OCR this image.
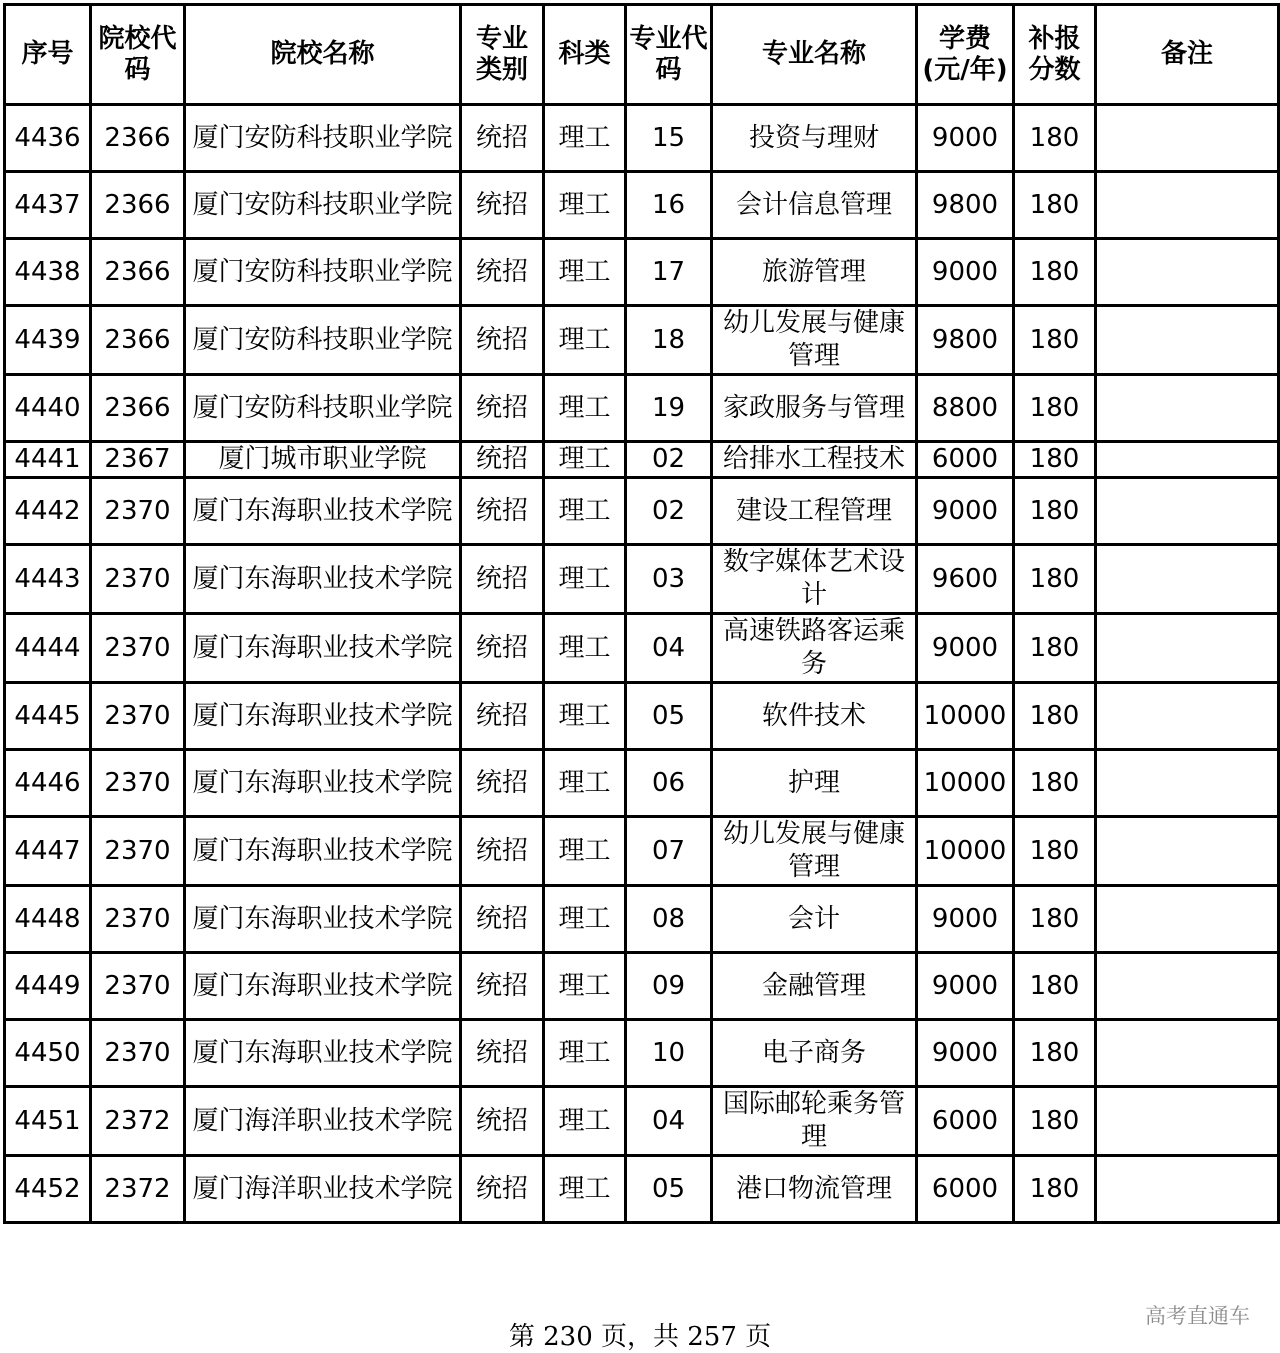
序号	院校代码	院校名称	专业类别	科类	专业代码	专业名称	学费(元/年)	补报分数	备注
4436	2366	厦门安防科技职业学院	统招	理工	15	投资与理财	9000	180	
4437	2366	厦门安防科技职业学院	统招	理工	16	会计信息管理	9800	180	
4438	2366	厦门安防科技职业学院	统招	理工	17	旅游管理	9000	180	
4439	2366	厦门安防科技职业学院	统招	理工	18	幼儿发展与健康管理	9800	180	
4440	2366	厦门安防科技职业学院	统招	理工	19	家政服务与管理	8800	180	
4441	2367	厦门城市职业学院	统招	理工	02	给排水工程技术	6000	180	
4442	2370	厦门东海职业技术学院	统招	理工	02	建设工程管理	9000	180	
4443	2370	厦门东海职业技术学院	统招	理工	03	数字媒体艺术设计	9600	180	
4444	2370	厦门东海职业技术学院	统招	理工	04	高速铁路客运乘务	9000	180	
4445	2370	厦门东海职业技术学院	统招	理工	05	软件技术	10000	180	
4446	2370	厦门东海职业技术学院	统招	理工	06	护理	10000	180	
4447	2370	厦门东海职业技术学院	统招	理工	07	幼儿发展与健康管理	10000	180	
4448	2370	厦门东海职业技术学院	统招	理工	08	会计	9000	180	
4449	2370	厦门东海职业技术学院	统招	理工	09	金融管理	9000	180	
4450	2370	厦门东海职业技术学院	统招	理工	10	电子商务	9000	180	
4451	2372	厦门海洋职业技术学院	统招	理工	04	国际邮轮乘务管理	6000	180	
4452	2372	厦门海洋职业技术学院	统招	理工	05	港口物流管理	6000	180	
第 230 页，共 257 页
高考直通车
